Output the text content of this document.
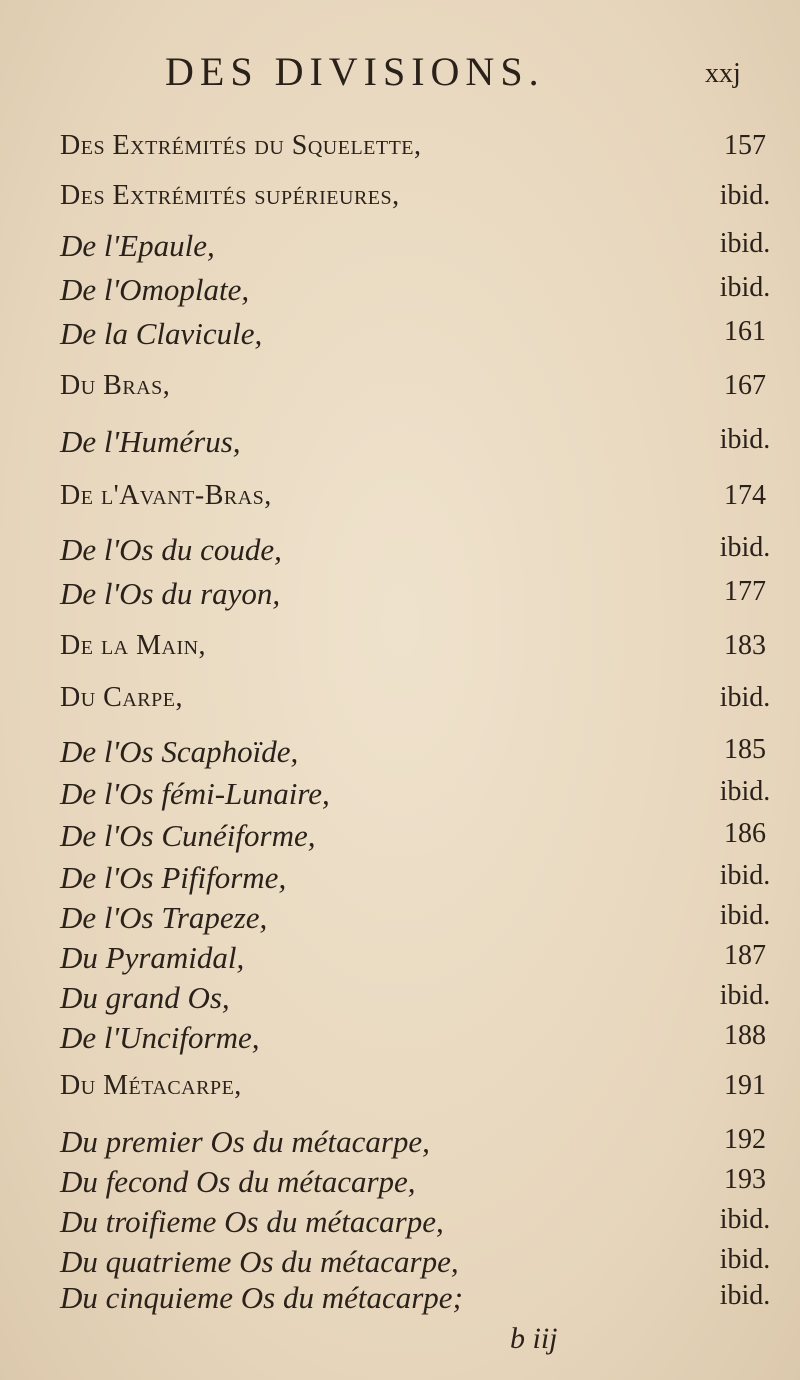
DES DIVISIONS.	xxj
Des Extrémités du Squelette,	157
Des Extrémités supérieures,	ibid.
De l'Epaule,	ibid.
De l'Omoplate,	ibid.
De la Clavicule,	161
Du Bras,	167
De l'Humérus,	ibid.
De l'Avant-Bras,	174
De l'Os du coude,	ibid.
De l'Os du rayon,	177
De la Main,	183
Du Carpe,	ibid.
De l'Os Scaphoïde,	185
De l'Os fémi-Lunaire,	ibid.
De l'Os Cunéiforme,	186
De l'Os Pififorme,	ibid.
De l'Os Trapeze,	ibid.
Du Pyramidal,	187
Du grand Os,	ibid.
De l'Unciforme,	188
Du Métacarpe,	191
Du premier Os du métacarpe,	192
Du fecond Os du métacarpe,	193
Du troifieme Os du métacarpe,	ibid.
Du quatrieme Os du métacarpe,	ibid.
Du cinquieme Os du métacarpe;	ibid.
b iij
